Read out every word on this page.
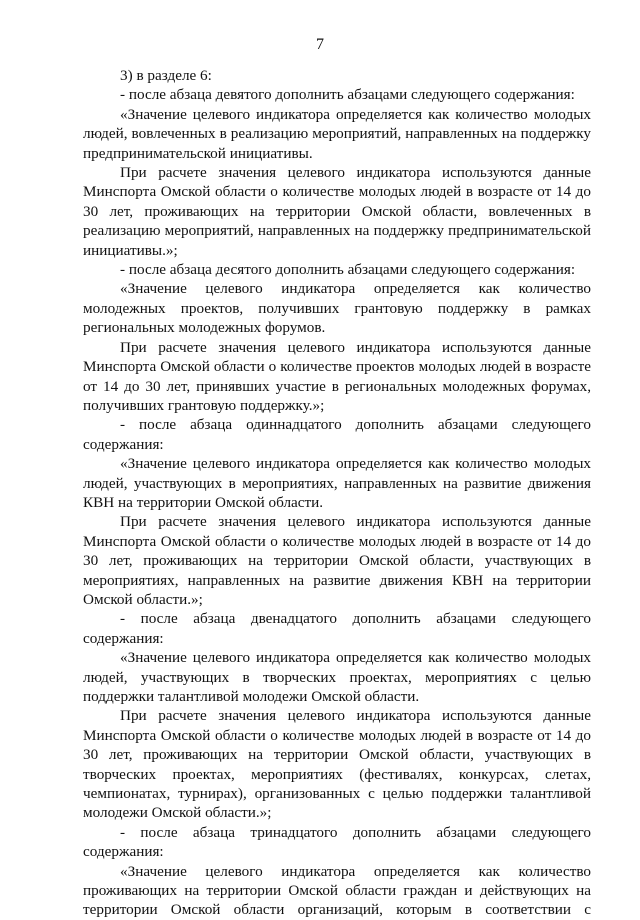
7

3) в разделе 6:

- после абзаца девятого дополнить абзацами следующего содержания:

«Значение целевого индикатора определяется как количество молодых людей, вовлеченных в реализацию мероприятий, направленных на поддержку предпринимательской инициативы.

При расчете значения целевого индикатора используются данные Минспорта Омской области о количестве молодых людей в возрасте от 14 до 30 лет, проживающих на территории Омской области, вовлеченных в реализацию мероприятий, направленных на поддержку предпринимательской инициативы.»;

- после абзаца десятого дополнить абзацами следующего содержания:

«Значение целевого индикатора определяется как количество молодежных проектов, получивших грантовую поддержку в рамках региональных молодежных форумов.

При расчете значения целевого индикатора используются данные Минспорта Омской области о количестве проектов молодых людей в возрасте от 14 до 30 лет, принявших участие в региональных молодежных форумах, получивших грантовую поддержку.»;

- после абзаца одиннадцатого дополнить абзацами следующего содержания:

«Значение целевого индикатора определяется как количество молодых людей, участвующих в мероприятиях, направленных на развитие движения КВН на территории Омской области.

При расчете значения целевого индикатора используются данные Минспорта Омской области о количестве молодых людей в возрасте от 14 до 30 лет, проживающих на территории Омской области, участвующих в мероприятиях, направленных на развитие движения КВН на территории Омской области.»;

- после абзаца двенадцатого дополнить абзацами следующего содержания:

«Значение целевого индикатора определяется как количество молодых людей, участвующих в творческих проектах, мероприятиях с целью поддержки талантливой молодежи Омской области.

При расчете значения целевого индикатора используются данные Минспорта Омской области о количестве молодых людей в возрасте от 14 до 30 лет, проживающих на территории Омской области, участвующих в творческих проектах, мероприятиях (фестивалях, конкурсах, слетах, чемпионатах, турнирах), организованных с целью поддержки талантливой молодежи Омской области.»;

- после абзаца тринадцатого дополнить абзацами следующего содержания:

«Значение целевого индикатора определяется как количество проживающих на территории Омской области граждан и действующих на территории Омской области организаций, которым в соответствии с
